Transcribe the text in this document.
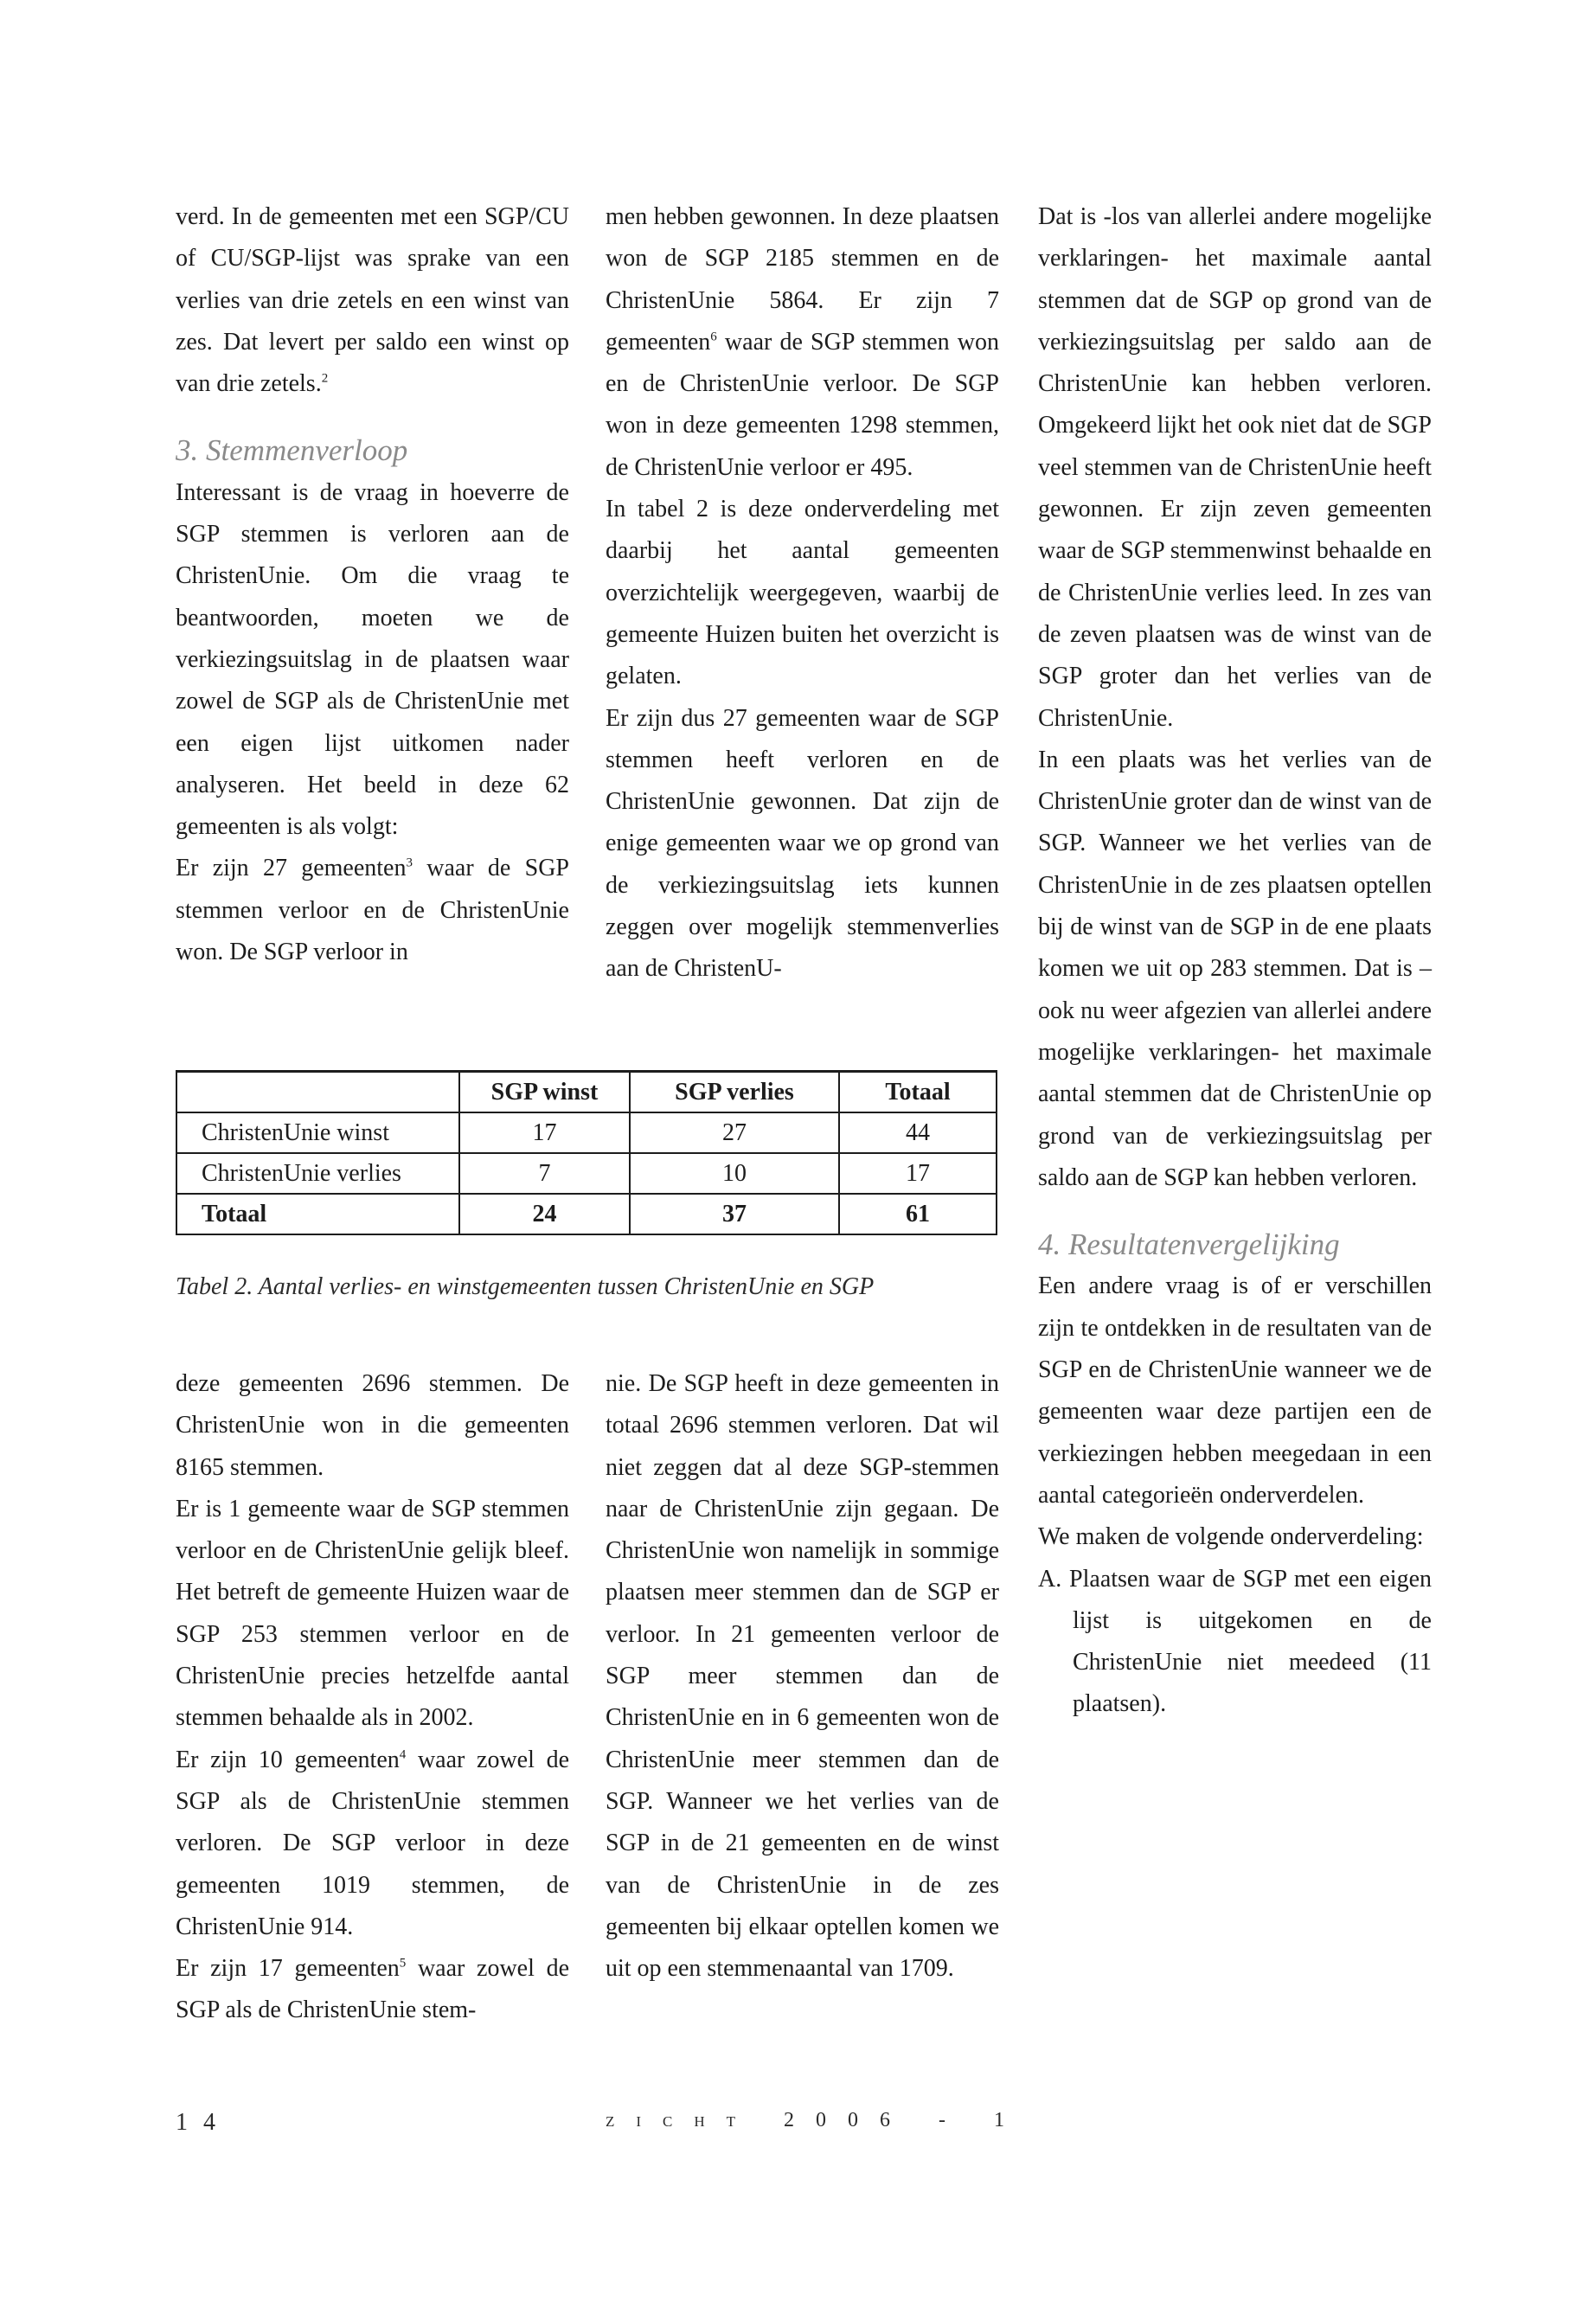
verd. In de gemeenten met een SGP/CU of CU/SGP-lijst was sprake van een verlies van drie zetels en een winst van zes. Dat levert per saldo een winst op van drie zetels.$^2$

3. Stemmenverloop

Interessant is de vraag in hoeverre de SGP stemmen is verloren aan de ChristenUnie. Om die vraag te beantwoorden, moeten we de verkiezingsuitslag in de plaatsen waar zowel de SGP als de ChristenUnie met een eigen lijst uitkomen nader analyseren. Het beeld in deze 62 gemeenten is als volgt:

Er zijn 27 gemeenten$^3$ waar de SGP stemmen verloor en de ChristenUnie won. De SGP verloor in

men hebben gewonnen. In deze plaatsen won de SGP 2185 stemmen en de ChristenUnie 5864. Er zijn 7 gemeenten$^6$ waar de SGP stemmen won en de ChristenUnie verloor. De SGP won in deze gemeenten 1298 stemmen, de ChristenUnie verloor er 495.

In tabel 2 is deze onderverdeling met daarbij het aantal gemeenten overzichtelijk weergegeven, waarbij de gemeente Huizen buiten het overzicht is gelaten.

Er zijn dus 27 gemeenten waar de SGP stemmen heeft verloren en de ChristenUnie gewonnen. Dat zijn de enige gemeenten waar we op grond van de verkiezingsuitslag iets kunnen zeggen over mogelijk stemmenverlies aan de ChristenU-

Dat is -los van allerlei andere mogelijke verklaringen- het maximale aantal stemmen dat de SGP op grond van de verkiezingsuitslag per saldo aan de ChristenUnie kan hebben verloren. Omgekeerd lijkt het ook niet dat de SGP veel stemmen van de ChristenUnie heeft gewonnen. Er zijn zeven gemeenten waar de SGP stemmenwinst behaalde en de ChristenUnie verlies leed. In zes van de zeven plaatsen was de winst van de SGP groter dan het verlies van de ChristenUnie.

In een plaats was het verlies van de ChristenUnie groter dan de winst van de SGP. Wanneer we het verlies van de ChristenUnie in de zes plaatsen optellen bij de winst van de SGP in de ene plaats komen we uit op 283 stemmen. Dat is –ook nu weer afgezien van allerlei andere mogelijke verklaringen- het maximale aantal stemmen dat de ChristenUnie op grond van de verkiezingsuitslag per saldo aan de SGP kan hebben verloren.

4. Resultatenvergelijking

Een andere vraag is of er verschillen zijn te ontdekken in de resultaten van de SGP en de ChristenUnie wanneer we de gemeenten waar deze partijen een de verkiezingen hebben meegedaan in een aantal categorieën onderverdelen.

We maken de volgende onderverdeling:

A. Plaatsen waar de SGP met een eigen lijst is uitgekomen en de ChristenUnie niet meedeed (11 plaatsen).
	SGP winst	SGP verlies	Totaal
ChristenUnie winst	17	27	44
ChristenUnie verlies	7	10	17
Totaal	24	37	61
Tabel 2. Aantal verlies- en winstgemeenten tussen ChristenUnie en SGP

deze gemeenten 2696 stemmen. De ChristenUnie won in die gemeenten 8165 stemmen.

Er is 1 gemeente waar de SGP stemmen verloor en de ChristenUnie gelijk bleef. Het betreft de gemeente Huizen waar de SGP 253 stemmen verloor en de ChristenUnie precies hetzelfde aantal stemmen behaalde als in 2002.

Er zijn 10 gemeenten$^4$ waar zowel de SGP als de ChristenUnie stemmen verloren. De SGP verloor in deze gemeenten 1019 stemmen, de ChristenUnie 914.

Er zijn 17 gemeenten$^5$ waar zowel de SGP als de ChristenUnie stem-

nie. De SGP heeft in deze gemeenten in totaal 2696 stemmen verloren. Dat wil niet zeggen dat al deze SGP-stemmen naar de ChristenUnie zijn gegaan. De ChristenUnie won namelijk in sommige plaatsen meer stemmen dan de SGP er verloor. In 21 gemeenten verloor de SGP meer stemmen dan de ChristenUnie en in 6 gemeenten won de ChristenUnie meer stemmen dan de SGP. Wanneer we het verlies van de SGP in de 21 gemeenten en de winst van de ChristenUnie in de zes gemeenten bij elkaar optellen komen we uit op een stemmenaantal van 1709.

14	zicht 2006 - 1
